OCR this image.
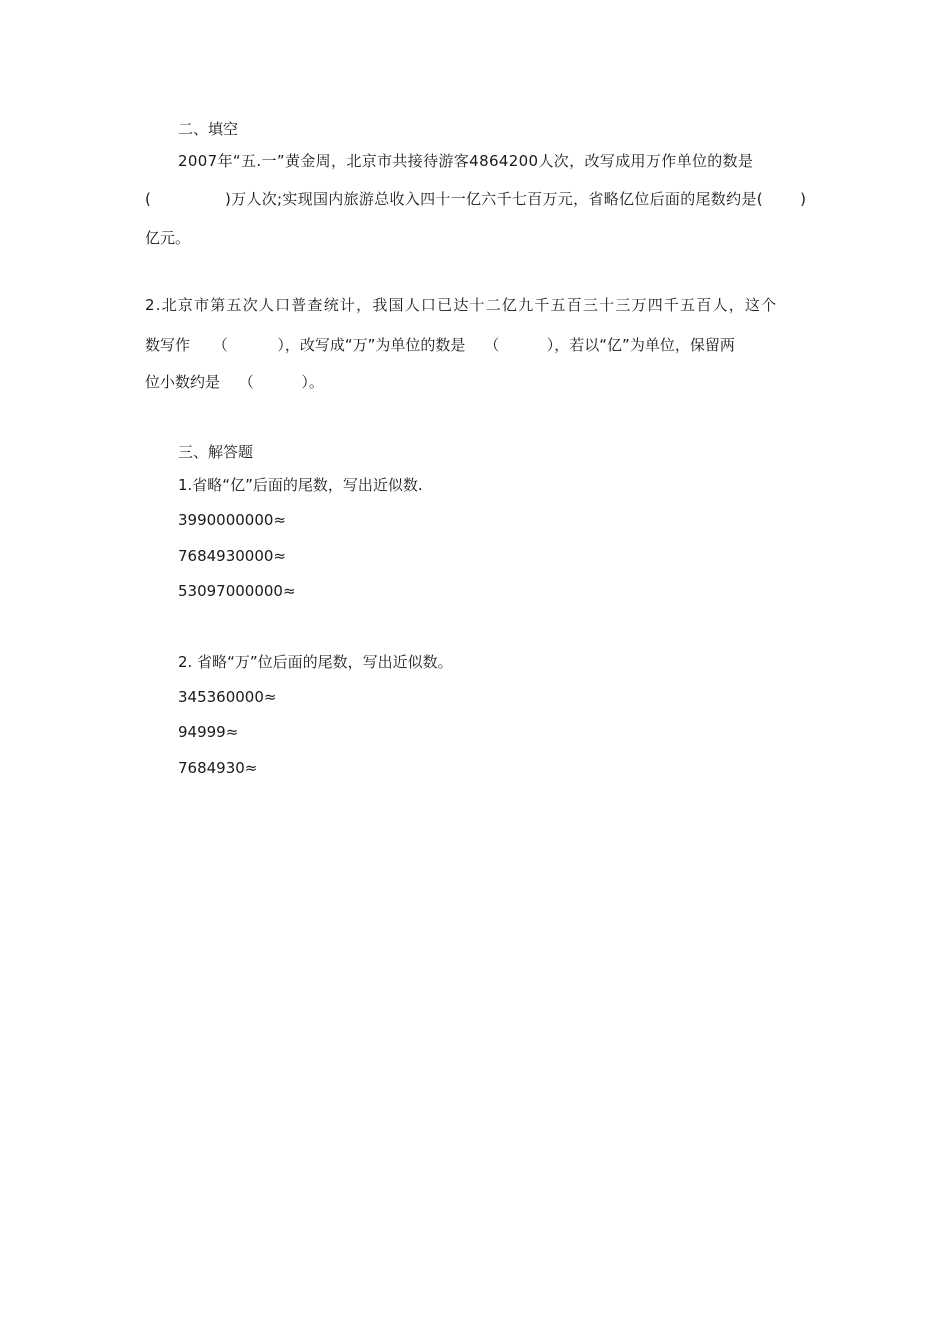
二、填空
2007年“五.一”黄金周，北京市共接待游客4864200人次，改写成用万作单位的数是
(	)万人次;实现国内旅游总收入四十一亿六千七百万元，省略亿位后面的尾数约是( )
亿元。
2.北京市第五次人口普查统计，我国人口已达十二亿九千五百三十三万四千五百人，这个
数写作 （	），改写成“万”为单位的数是 （	），若以“亿”为单位，保留两
位小数约是 （	）。
三、解答题
1.省略“亿”后面的尾数，写出近似数.
3990000000≈
7684930000≈
53097000000≈
2. 省略“万”位后面的尾数，写出近似数。
345360000≈
94999≈
7684930≈
